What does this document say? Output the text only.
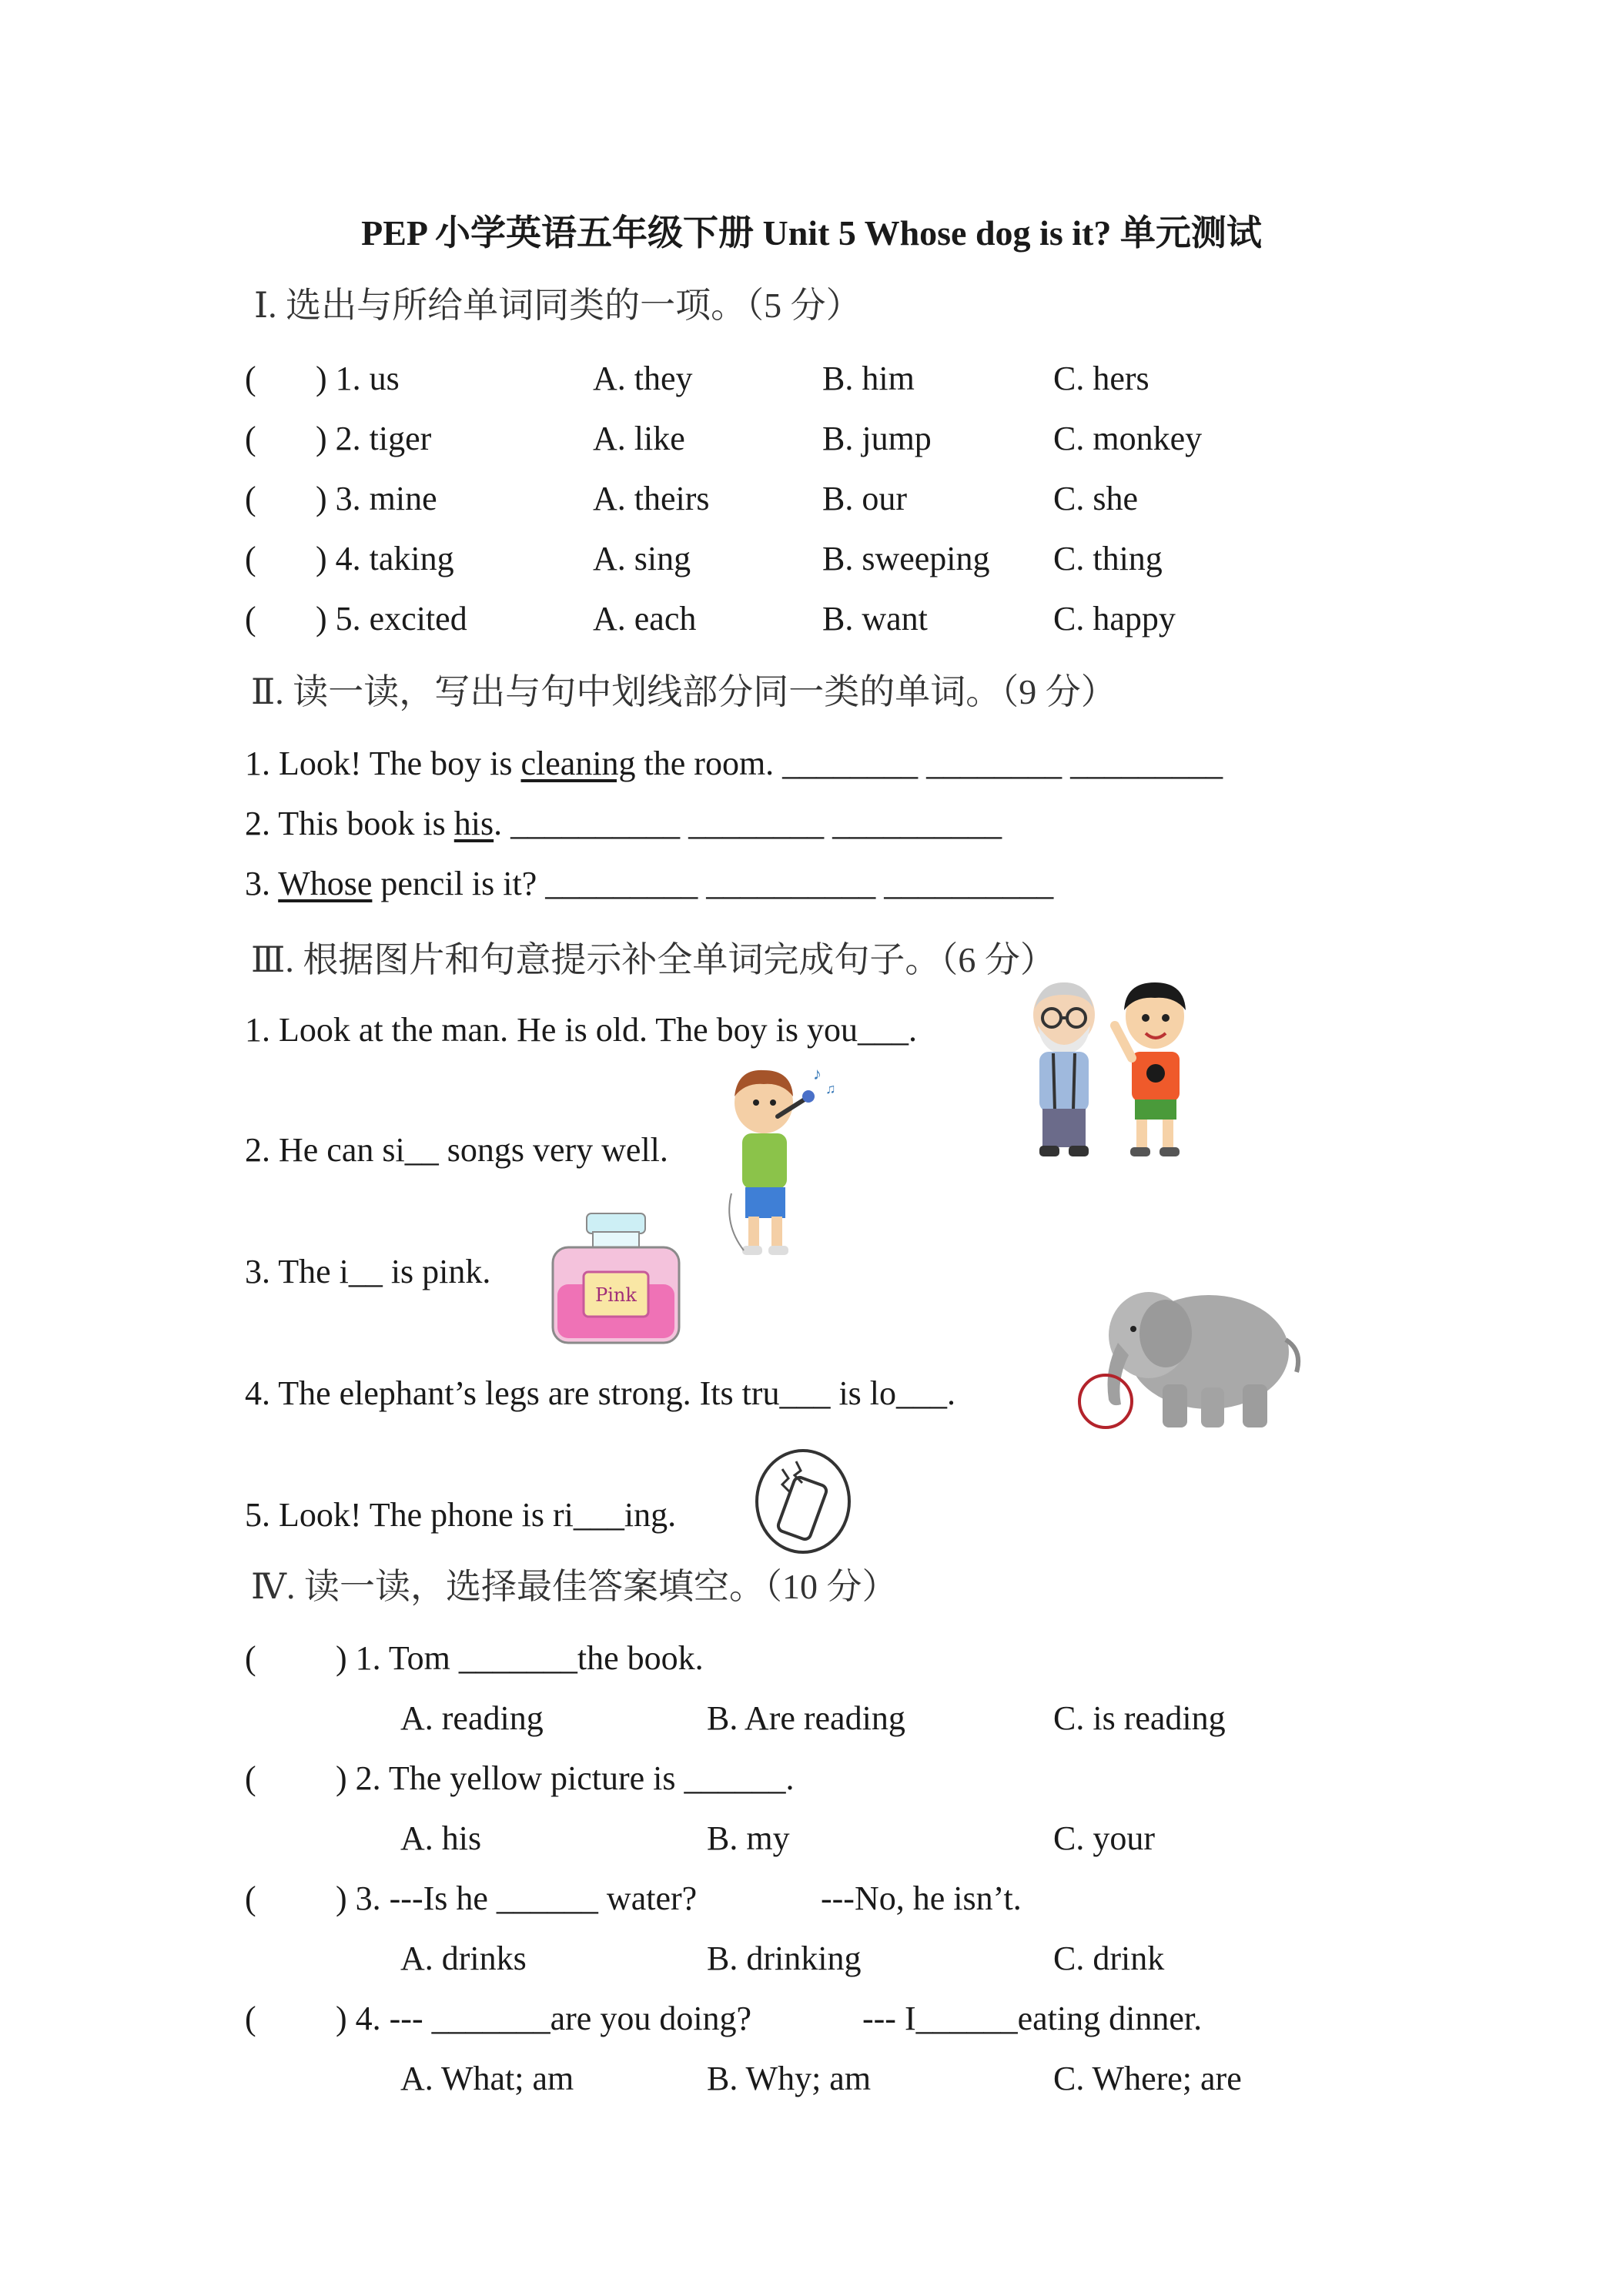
PEP 小学英语五年级下册 Unit 5 Whose dog is it? 单元测试
Ⅰ. 选出与所给单词同类的一项。（5 分）
( ) 1. us	A. they	B. him	C. hers
( ) 2. tiger	A. like	B. jump	C. monkey
( ) 3. mine	A. theirs	B. our	C. she
( ) 4. taking	A. sing	B. sweeping C. thing
( ) 5. excited	A. each	B. want	C. happy
Ⅱ. 读一读，写出与句中划线部分同一类的单词。（9 分）
1. Look! The boy is cleaning the room. ________ ________ _________
2. This book is his. __________ ________ __________
3. Whose pencil is it? _________ __________ __________
Ⅲ. 根据图片和句意提示补全单词完成句子。（6 分）
1. Look at the man. He is old. The boy is you___.
2. He can si__ songs very well.
3. The i__ is pink.
4. The elephant’s legs are strong. Its tru___ is lo___.
5. Look! The phone is ri___ing.
♪
♫
Pink
Ⅳ. 读一读，选择最佳答案填空。（10 分）
( ) 1. Tom _______the book.
A. reading	B. Are reading	C. is reading
( ) 2. The yellow picture is ______.
A. his	B. my	C. your
( ) 3. ---Is he ______ water?	---No, he isn’t.
A. drinks	B. drinking	C. drink
( ) 4. --- _______are you doing?	--- I______eating dinner.
A. What; am	B. Why; am	C. Where; are
